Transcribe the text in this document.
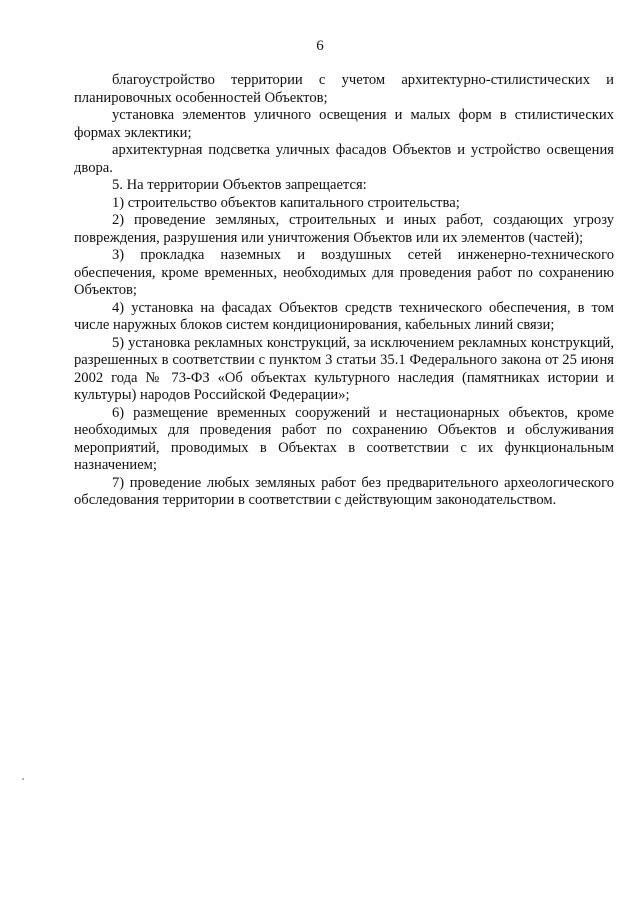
6

благоустройство территории с учетом архитектурно-стилистических и планировочных особенностей Объектов;

установка элементов уличного освещения и малых форм в стилистических формах эклектики;

архитектурная подсветка уличных фасадов Объектов и устройство освещения двора.

5. На территории Объектов запрещается:

1) строительство объектов капитального строительства;

2) проведение земляных, строительных и иных работ, создающих угрозу повреждения, разрушения или уничтожения Объектов или их элементов (частей);

3) прокладка наземных и воздушных сетей инженерно-технического обеспечения, кроме временных, необходимых для проведения работ по сохранению Объектов;

4) установка на фасадах Объектов средств технического обеспечения, в том числе наружных блоков систем кондиционирования, кабельных линий связи;

5) установка рекламных конструкций, за исключением рекламных конструкций, разрешенных в соответствии с пунктом 3 статьи 35.1 Федерального закона от 25 июня 2002 года № 73-ФЗ «Об объектах культурного наследия (памятниках истории и культуры) народов Российской Федерации»;

6) размещение временных сооружений и нестационарных объектов, кроме необходимых для проведения работ по сохранению Объектов и обслуживания мероприятий, проводимых в Объектах в соответствии с их функциональным назначением;

7) проведение любых земляных работ без предварительного археологического обследования территории в соответствии с действующим законодательством.
